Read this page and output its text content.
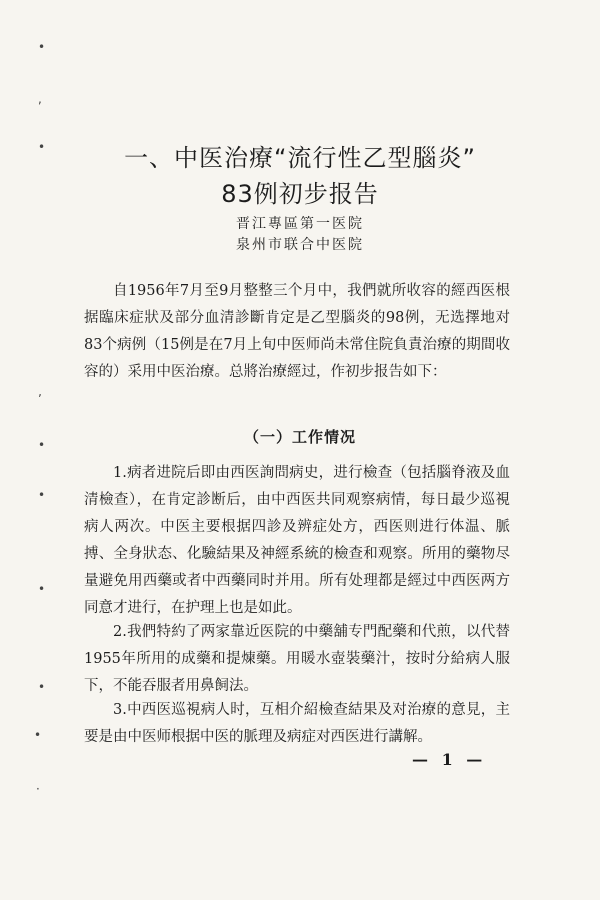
•
,
•
ʼ
•
•
•
•
•
·
一、中医治療“流行性乙型腦炎”
83例初步报告
晋江專區第一医院
泉州市联合中医院

自1956年7月至9月整整三个月中，我們就所收容的經西医根据臨床症狀及部分血清診斷肯定是乙型腦炎的98例，无选擇地对83个病例（15例是在7月上旬中医师尚未常住院負責治療的期間收容的）采用中医治療。总將治療經过，作初步报告如下：

（一）工作情况

1.病者进院后即由西医詢問病史，进行檢查（包括腦脊液及血清檢查），在肯定診断后，由中西医共同观察病情，每日最少巡視病人两次。中医主要根据四診及辨症处方，西医则进行体温、脈搏、全身狀态、化驗結果及神經系統的檢查和观察。所用的藥物尽量避免用西藥或者中西藥同时并用。所有处理都是經过中西医两方同意才进行，在护理上也是如此。

2.我們特約了两家靠近医院的中藥舖专門配藥和代煎，以代替1955年所用的成藥和提煉藥。用暖水壺裝藥汁，按时分給病人服下，不能吞服者用鼻飼法。

3.中西医巡視病人时，互相介紹檢查結果及对治療的意見，主要是由中医师根据中医的脈理及病症对西医进行講解。

— 1 —
